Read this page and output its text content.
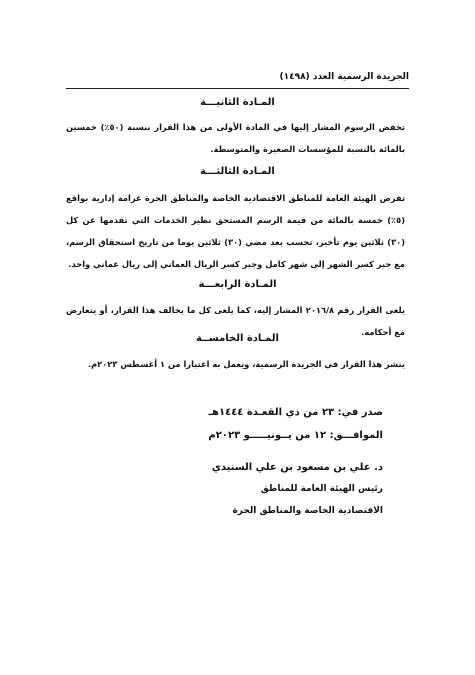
الجريدة الرسمية العدد (١٤٩٨)
المـادة الثانيـــة
تخفض الرسوم المشار إليها في المادة الأولى من هذا القرار بنسبة (٥٠٪) خمسين بالمائة بالنسبة للمؤسسات الصغيرة والمتوسطة.
المـادة الثالثـــة
تفرض الهيئة العامة للمناطق الاقتصادية الخاصة والمناطق الحرة غرامة إدارية بواقع (٥٪) خمسة بالمائة من قيمة الرسم المستحق نظير الخدمات التي تقدمها عن كل (٣٠) ثلاثين يوم تأخير، تحسب بعد مضي (٣٠) ثلاثين يوما من تاريخ استحقاق الرسم، مع جبر كسر الشهر إلى شهر كامل وجبر كسر الريال العماني إلى ريال عماني واحد.
المـادة الرابعـــة
يلغى القرار رقم ٢٠١٦/٨ المشار إليه، كما يلغى كل ما يخالف هذا القرار، أو يتعارض مع أحكامه.
المـادة الخامســة
ينشر هذا القرار في الجريدة الرسمية، ويعمل به اعتبارا من ١ أغسطس ٢٠٢٣م.
صدر في: ٢٣ من ذي القعـدة ١٤٤٤هـ
الموافـــق: ١٢ من يــونيـــــو ٢٠٢٣م
د. علي بن مسعود بن علي السنيدي
رئيس الهيئة العامة للمناطق
الاقتصادية الخاصة والمناطق الحرة
